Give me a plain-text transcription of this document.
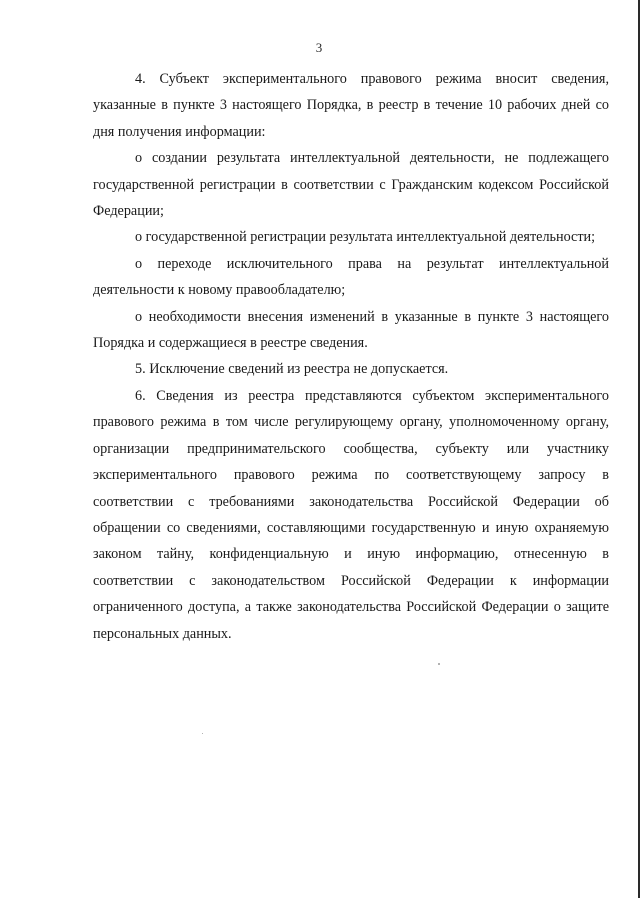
3

4. Субъект экспериментального правового режима вносит сведения, указанные в пункте 3 настоящего Порядка, в реестр в течение 10 рабочих дней со дня получения информации:

о создании результата интеллектуальной деятельности, не подлежащего государственной регистрации в соответствии с Гражданским кодексом Российской Федерации;

о государственной регистрации результата интеллектуальной деятельности;

о переходе исключительного права на результат интеллектуальной деятельности к новому правообладателю;

о необходимости внесения изменений в указанные в пункте 3 настоящего Порядка и содержащиеся в реестре сведения.

5. Исключение сведений из реестра не допускается.

6. Сведения из реестра представляются субъектом экспериментального правового режима в том числе регулирующему органу, уполномоченному органу, организации предпринимательского сообщества, субъекту или участнику экспериментального правового режима по соответствующему запросу в соответствии с требованиями законодательства Российской Федерации об обращении со сведениями, составляющими государственную и иную охраняемую законом тайну, конфиденциальную и иную информацию, отнесенную в соответствии с законодательством Российской Федерации к информации ограниченного доступа, а также законодательства Российской Федерации о защите персональных данных.
